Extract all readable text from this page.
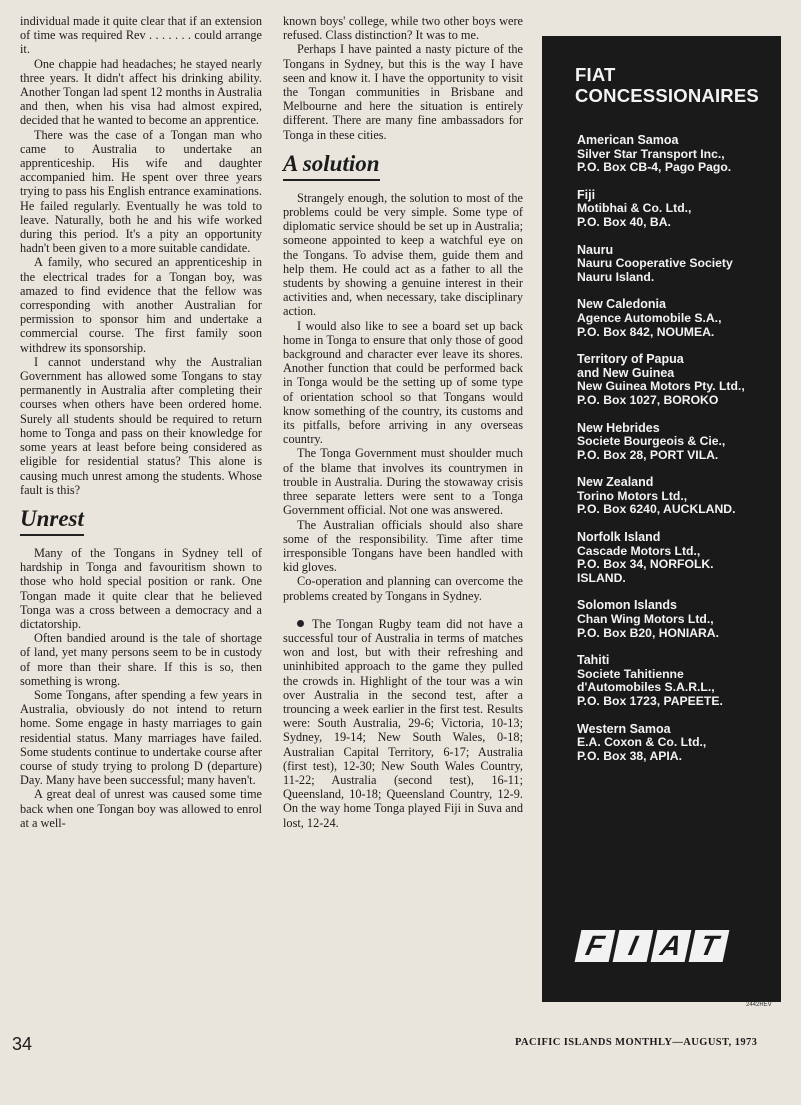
individual made it quite clear that if an extension of time was required Rev . . . . . . . could arrange it.

One chappie had headaches; he stayed nearly three years. It didn't affect his drinking ability. Another Tongan lad spent 12 months in Australia and then, when his visa had almost expired, decided that he wanted to become an apprentice.

There was the case of a Tongan man who came to Australia to undertake an apprenticeship. His wife and daughter accompanied him. He spent over three years trying to pass his English entrance examinations. He failed regularly. Eventually he was told to leave. Naturally, both he and his wife worked during this period. It's a pity an opportunity hadn't been given to a more suitable candidate.

A family, who secured an apprenticeship in the electrical trades for a Tongan boy, was amazed to find evidence that the fellow was corresponding with another Australian for permission to sponsor him and undertake a commercial course. The first family soon withdrew its sponsorship.

I cannot understand why the Australian Government has allowed some Tongans to stay permanently in Australia after completing their courses when others have been ordered home. Surely all students should be required to return home to Tonga and pass on their knowledge for some years at least before being considered as eligible for residential status? This alone is causing much unrest among the students. Whose fault is this?

Unrest

Many of the Tongans in Sydney tell of hardship in Tonga and favouritism shown to those who hold special position or rank. One Tongan made it quite clear that he believed Tonga was a cross between a democracy and a dictatorship.

Often bandied around is the tale of shortage of land, yet many persons seem to be in custody of more than their share. If this is so, then something is wrong.

Some Tongans, after spending a few years in Australia, obviously do not intend to return home. Some engage in hasty marriages to gain residential status. Many marriages have failed. Some students continue to undertake course after course of study trying to prolong D (departure) Day. Many have been successful; many haven't.

A great deal of unrest was caused some time back when one Tongan boy was allowed to enrol at a well-

known boys' college, while two other boys were refused. Class distinction? It was to me.

Perhaps I have painted a nasty picture of the Tongans in Sydney, but this is the way I have seen and know it. I have the opportunity to visit the Tongan communities in Brisbane and Melbourne and here the situation is entirely different. There are many fine ambassadors for Tonga in these cities.

A solution

Strangely enough, the solution to most of the problems could be very simple. Some type of diplomatic service should be set up in Australia; someone appointed to keep a watchful eye on the Tongans. To advise them, guide them and help them. He could act as a father to all the students by showing a genuine interest in their activities and, when necessary, take disciplinary action.

I would also like to see a board set up back home in Tonga to ensure that only those of good background and character ever leave its shores. Another function that could be performed back in Tonga would be the setting up of some type of orientation school so that Tongans would know something of the country, its customs and its pitfalls, before arriving in any overseas country.

The Tonga Government must shoulder much of the blame that involves its countrymen in trouble in Australia. During the stowaway crisis three separate letters were sent to a Tonga Government official. Not one was answered.

The Australian officials should also share some of the responsibility. Time after time irresponsible Tongans have been handled with kid gloves.

Co-operation and planning can overcome the problems created by Tongans in Sydney.

The Tongan Rugby team did not have a successful tour of Australia in terms of matches won and lost, but with their refreshing and uninhibited approach to the game they pulled the crowds in. Highlight of the tour was a win over Australia in the second test, after a trouncing a week earlier in the first test. Results were: South Australia, 29-6; Victoria, 10-13; Sydney, 19-14; New South Wales, 0-18; Australian Capital Territory, 6-17; Australia (first test), 12-30; New South Wales Country, 11-22; Australia (second test), 16-11; Queensland, 10-18; Queensland Country, 12-9. On the way home Tonga played Fiji in Suva and lost, 12-24.

FIAT
CONCESSIONAIRES
American Samoa
Silver Star Transport Inc.,
P.O. Box CB-4, Pago Pago.
Fiji
Motibhai & Co. Ltd.,
P.O. Box 40, BA.
Nauru
Nauru Cooperative Society
Nauru Island.
New Caledonia
Agence Automobile S.A.,
P.O. Box 842, NOUMEA.
Territory of Papua
and New Guinea
New Guinea Motors Pty. Ltd.,
P.O. Box 1027, BOROKO
New Hebrides
Societe Bourgeois & Cie.,
P.O. Box 28, PORT VILA.
New Zealand
Torino Motors Ltd.,
P.O. Box 6240, AUCKLAND.
Norfolk Island
Cascade Motors Ltd.,
P.O. Box 34, NORFOLK.
ISLAND.
Solomon Islands
Chan Wing Motors Ltd.,
P.O. Box B20, HONIARA.
Tahiti
Societe Tahitienne
d'Automobiles S.A.R.L.,
P.O. Box 1723, PAPEETE.
Western Samoa
E.A. Coxon & Co. Ltd.,
P.O. Box 38, APIA.
F I A T
2442REV
34	PACIFIC ISLANDS MONTHLY—AUGUST, 1973
